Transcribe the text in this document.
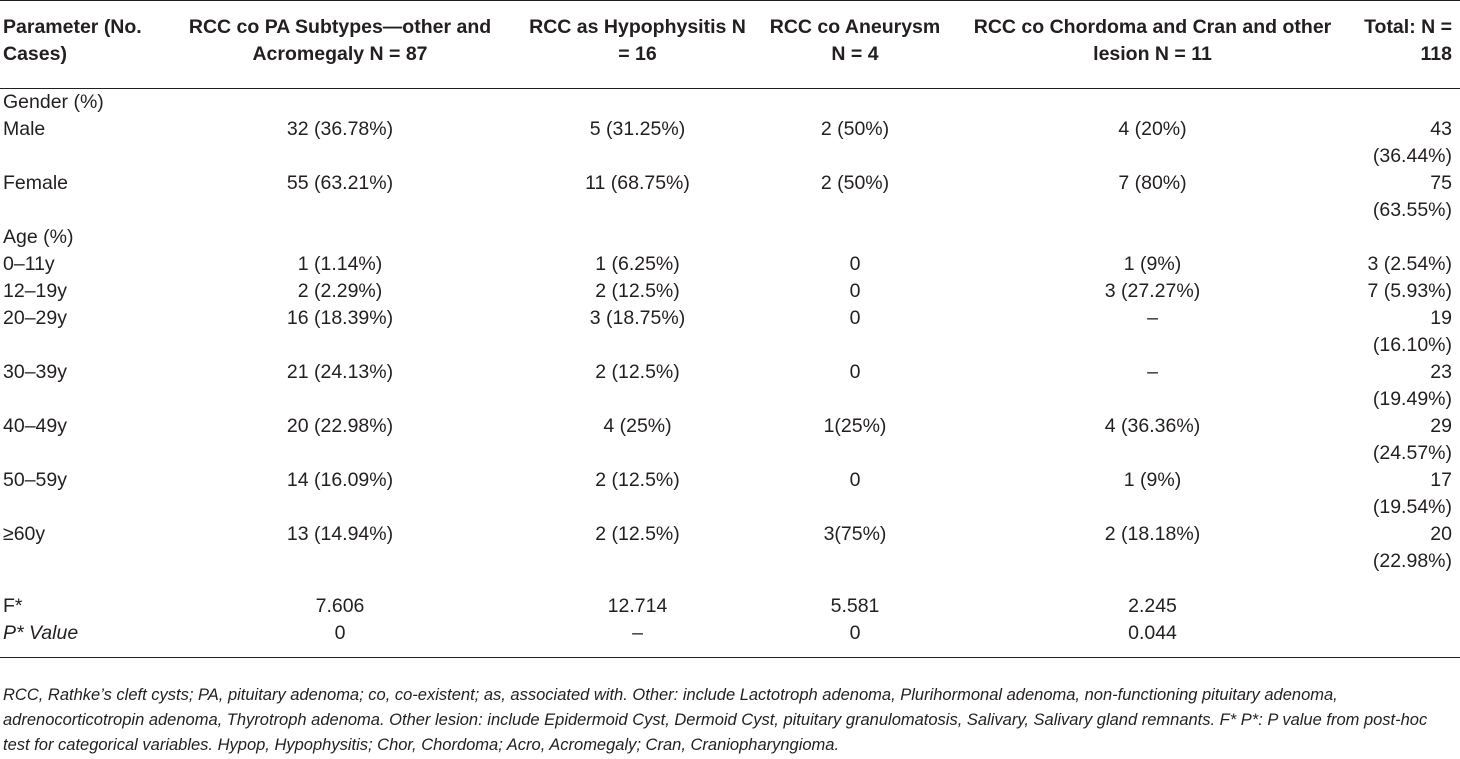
Parameter (No. Cases)	RCC co PA Subtypes—other and Acromegaly N = 87	RCC as Hypophysitis N = 16	RCC co Aneurysm N = 4	RCC co Chordoma and Cran and other lesion N = 11	Total: N = 118
Gender (%)					
Male	32 (36.78%)	5 (31.25%)	2 (50%)	4 (20%)	43 (36.44%)
Female	55 (63.21%)	11 (68.75%)	2 (50%)	7 (80%)	75 (63.55%)
Age (%)					
0–11y	1 (1.14%)	1 (6.25%)	0	1 (9%)	3 (2.54%)
12–19y	2 (2.29%)	2 (12.5%)	0	3 (27.27%)	7 (5.93%)
20–29y	16 (18.39%)	3 (18.75%)	0	–	19 (16.10%)
30–39y	21 (24.13%)	2 (12.5%)	0	–	23 (19.49%)
40–49y	20 (22.98%)	4 (25%)	1(25%)	4 (36.36%)	29 (24.57%)
50–59y	14 (16.09%)	2 (12.5%)	0	1 (9%)	17 (19.54%)
≥60y	13 (14.94%)	2 (12.5%)	3(75%)	2 (18.18%)	20 (22.98%)

F*	7.606	12.714	5.581	2.245	
P* Value	0	–	0	0.044	
RCC, Rathke’s cleft cysts; PA, pituitary adenoma; co, co-existent; as, associated with. Other: include Lactotroph adenoma, Plurihormonal adenoma, non-functioning pituitary adenoma, adrenocorticotropin adenoma, Thyrotroph adenoma. Other lesion: include Epidermoid Cyst, Dermoid Cyst, pituitary granulomatosis, Salivary, Salivary gland remnants. F* P*: P value from post-hoc test for categorical variables. Hypop, Hypophysitis; Chor, Chordoma; Acro, Acromegaly; Cran, Craniopharyngioma.
